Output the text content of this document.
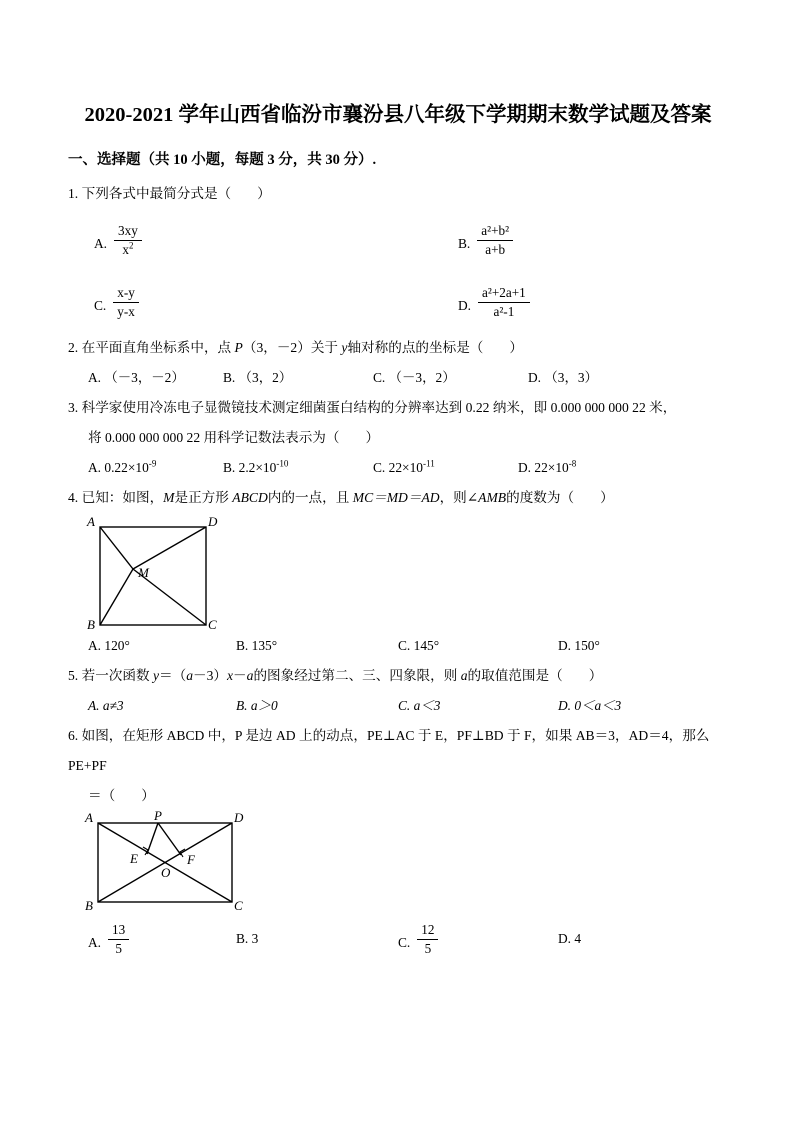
2020-2021 学年山西省临汾市襄汾县八年级下学期期末数学试题及答案
一、选择题（共 10 小题，每题 3 分，共 30 分）.
1. 下列各式中最简分式是（ ）
A. $\frac{3xy}{x^2}$	B. $\frac{\text{a²+b²}}{a+b}$
C. $\frac{x-y}{y-x}$	D. $\frac{\text{a²+2a+1}}{\text{a²-1}}$
2. 在平面直角坐标系中，点 P（3，－2）关于 y轴对称的点的坐标是（ ）
A. （－3，－2）	B. （3，2）	C. （－3，2）	D. （3，3）
3. 科学家使用冷冻电子显微镜技术测定细菌蛋白结构的分辨率达到 0.22 纳米，即 0.000 000 000 22 米，
将 0.000 000 000 22 用科学记数法表示为（ ）
A. $0.22\times 10^{-9}$	B. $2.2\times 10^{-10}$	C. $22\times 10^{-11}$	D. $22\times 10^{-8}$
4. 已知：如图，M是正方形 ABCD内的一点，且 MC＝MD＝AD，则∠AMB的度数为（ ）
A	D
B	C
M
A. 120°	B. 135°	C. 145°	D. 150°
5. 若一次函数 y＝（a－3）x－a的图象经过第二、三、四象限，则 a的取值范围是（ ）
A. a≠3	B. a＞0	C. a＜3	D. 0＜a＜3
6. 如图，在矩形 ABCD 中，P 是边 AD 上的动点，PE⊥AC 于 E，PF⊥BD 于 F，如果 AB＝3，AD＝4，那么 PE+PF
＝（ ）
A	D
B	C
P
E	F
O
A. $\frac{13}{5}$	B.
3	C. $\frac{12}{5}$	D.
4
